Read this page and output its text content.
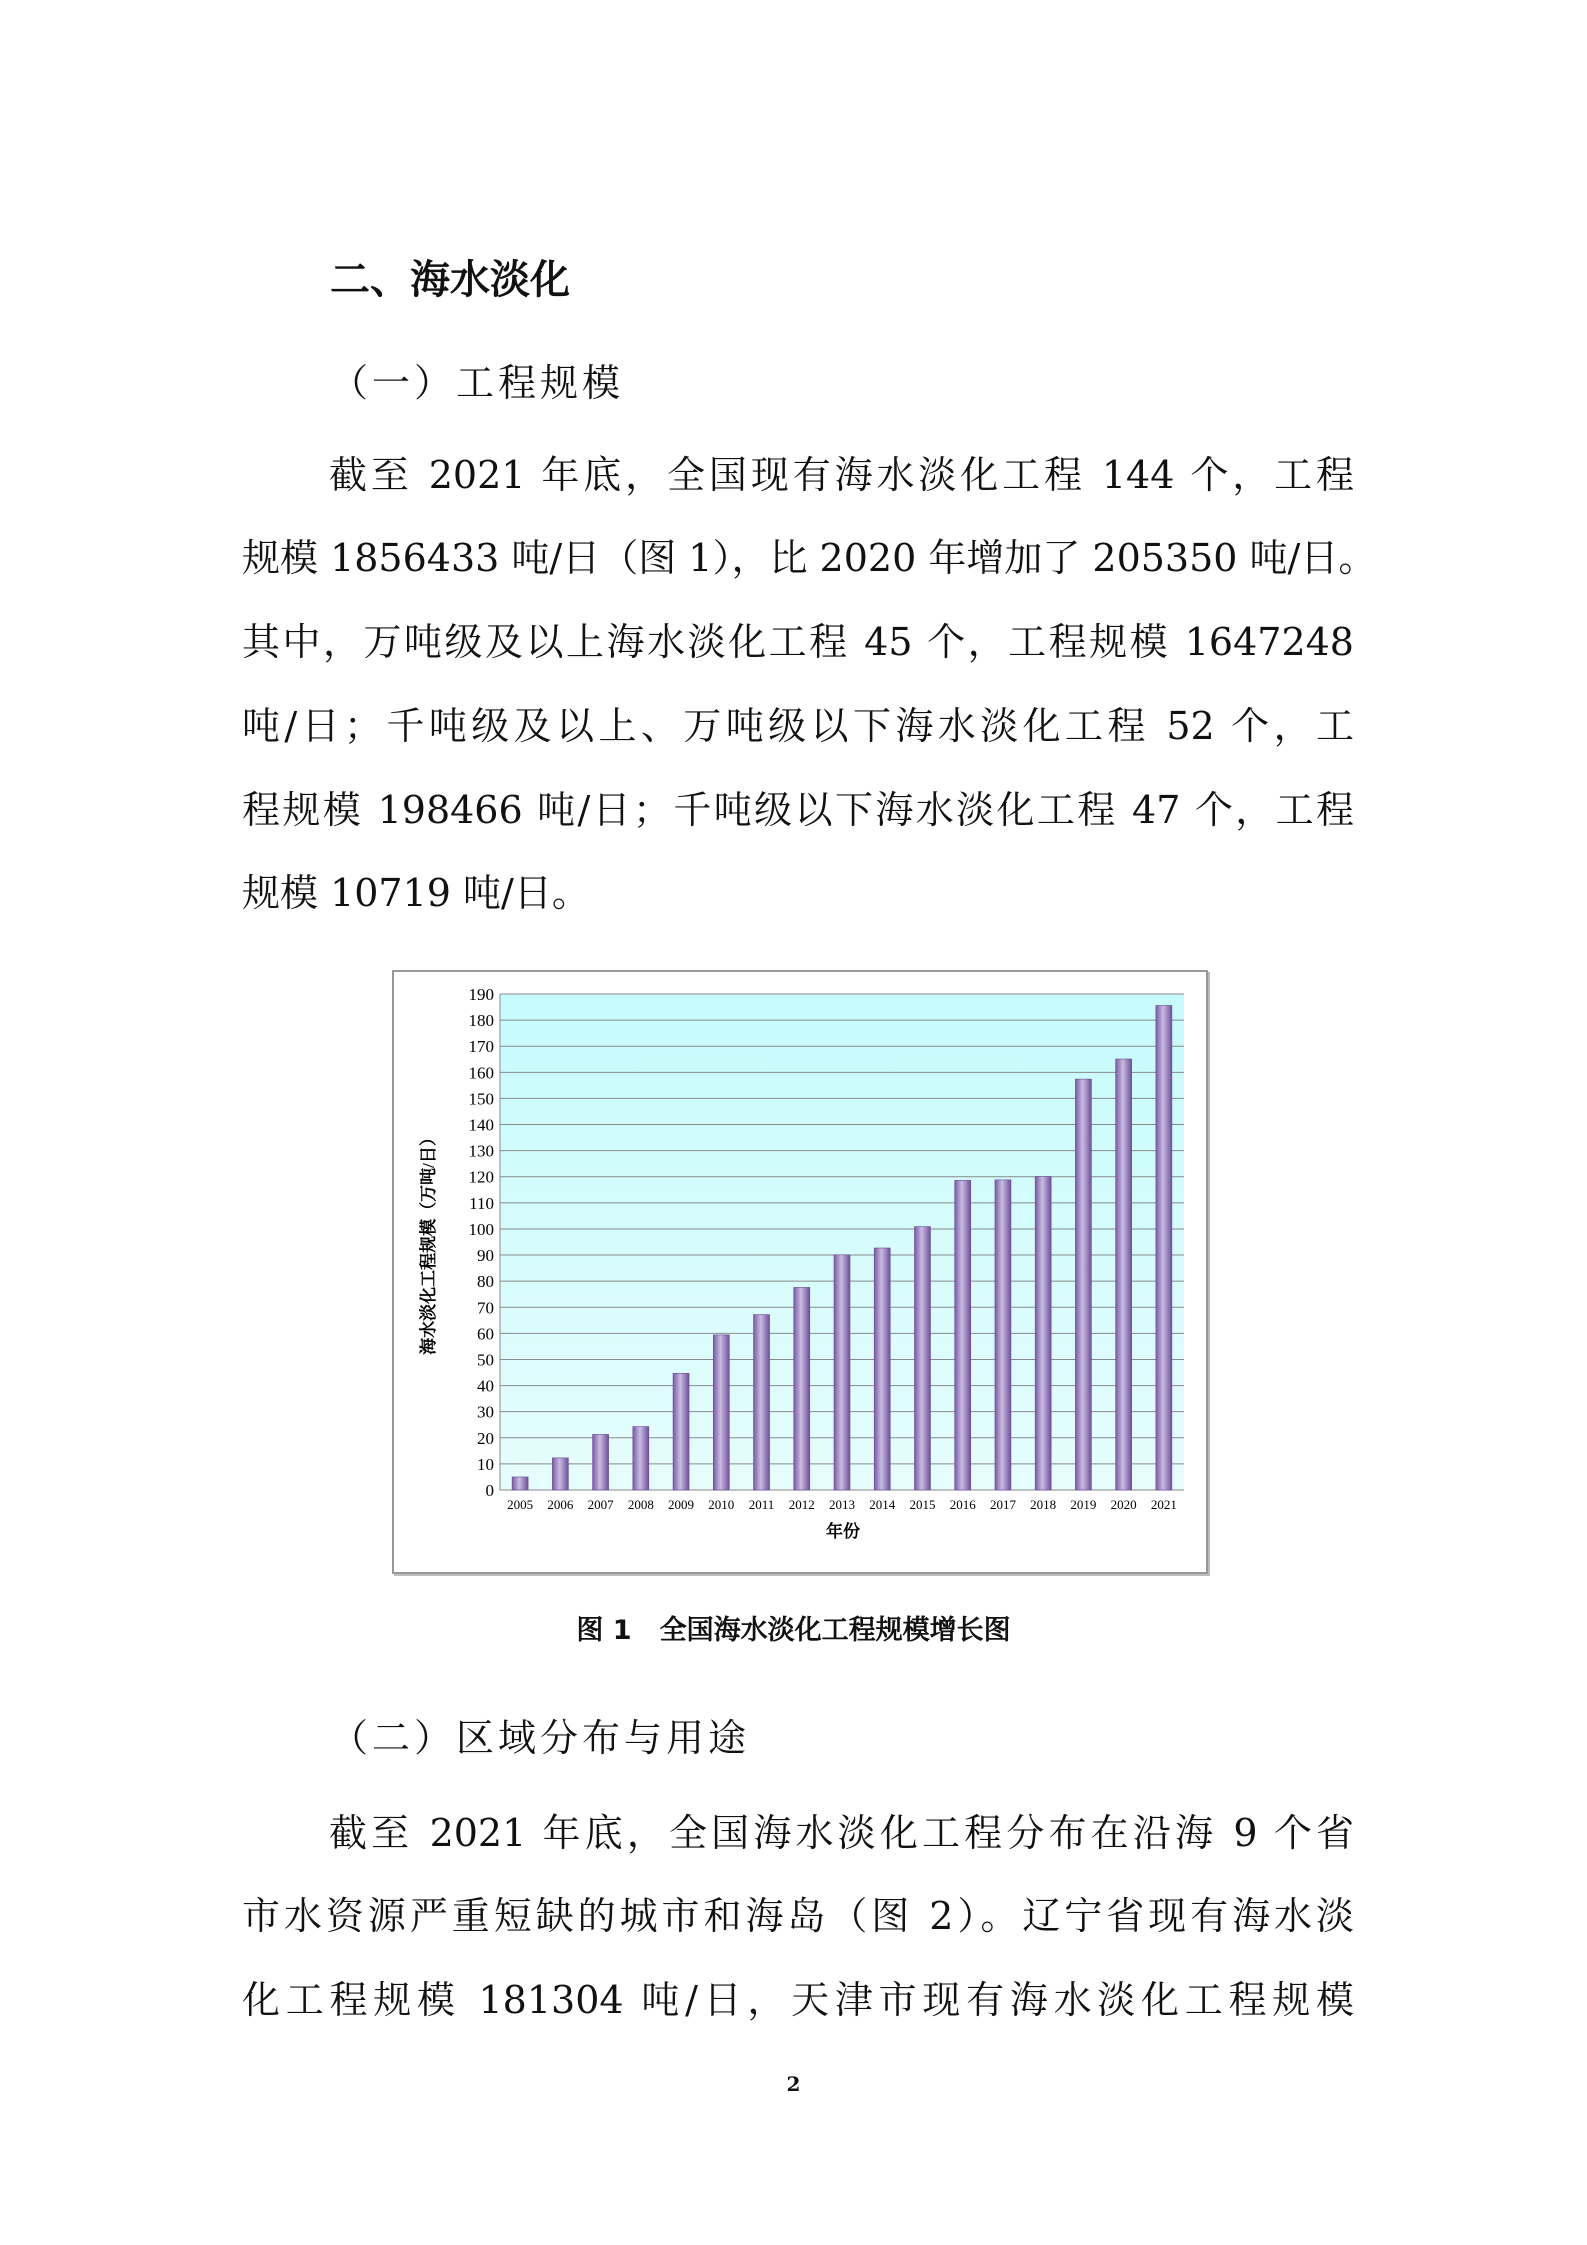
二、海水淡化
（一）工程规模
截至 2021 年底，全国现有海水淡化工程 144 个，工程
规模 1856433 吨/日（图 1），比 2020 年增加了 205350 吨/日。
其中，万吨级及以上海水淡化工程 45 个，工程规模 1647248
吨/日；千吨级及以上、万吨级以下海水淡化工程 52 个，工
程规模 198466 吨/日；千吨级以下海水淡化工程 47 个，工程
规模 10719 吨/日。
0
10
20
30
40
50
60
70
80
90
100
110
120
130
140
150
160
170
180
190
2005 2006 2007 2008 2009 2010 2011 2012 2013 2014 2015 2016 2017 2018 2019 2020 2021
海水淡化工程规模（万吨/日）
年份
图 1 全国海水淡化工程规模增长图
（二）区域分布与用途
截至 2021 年底，全国海水淡化工程分布在沿海 9 个省
市水资源严重短缺的城市和海岛（图 2）。辽宁省现有海水淡
化工程规模 181304 吨/日，天津市现有海水淡化工程规模
2
